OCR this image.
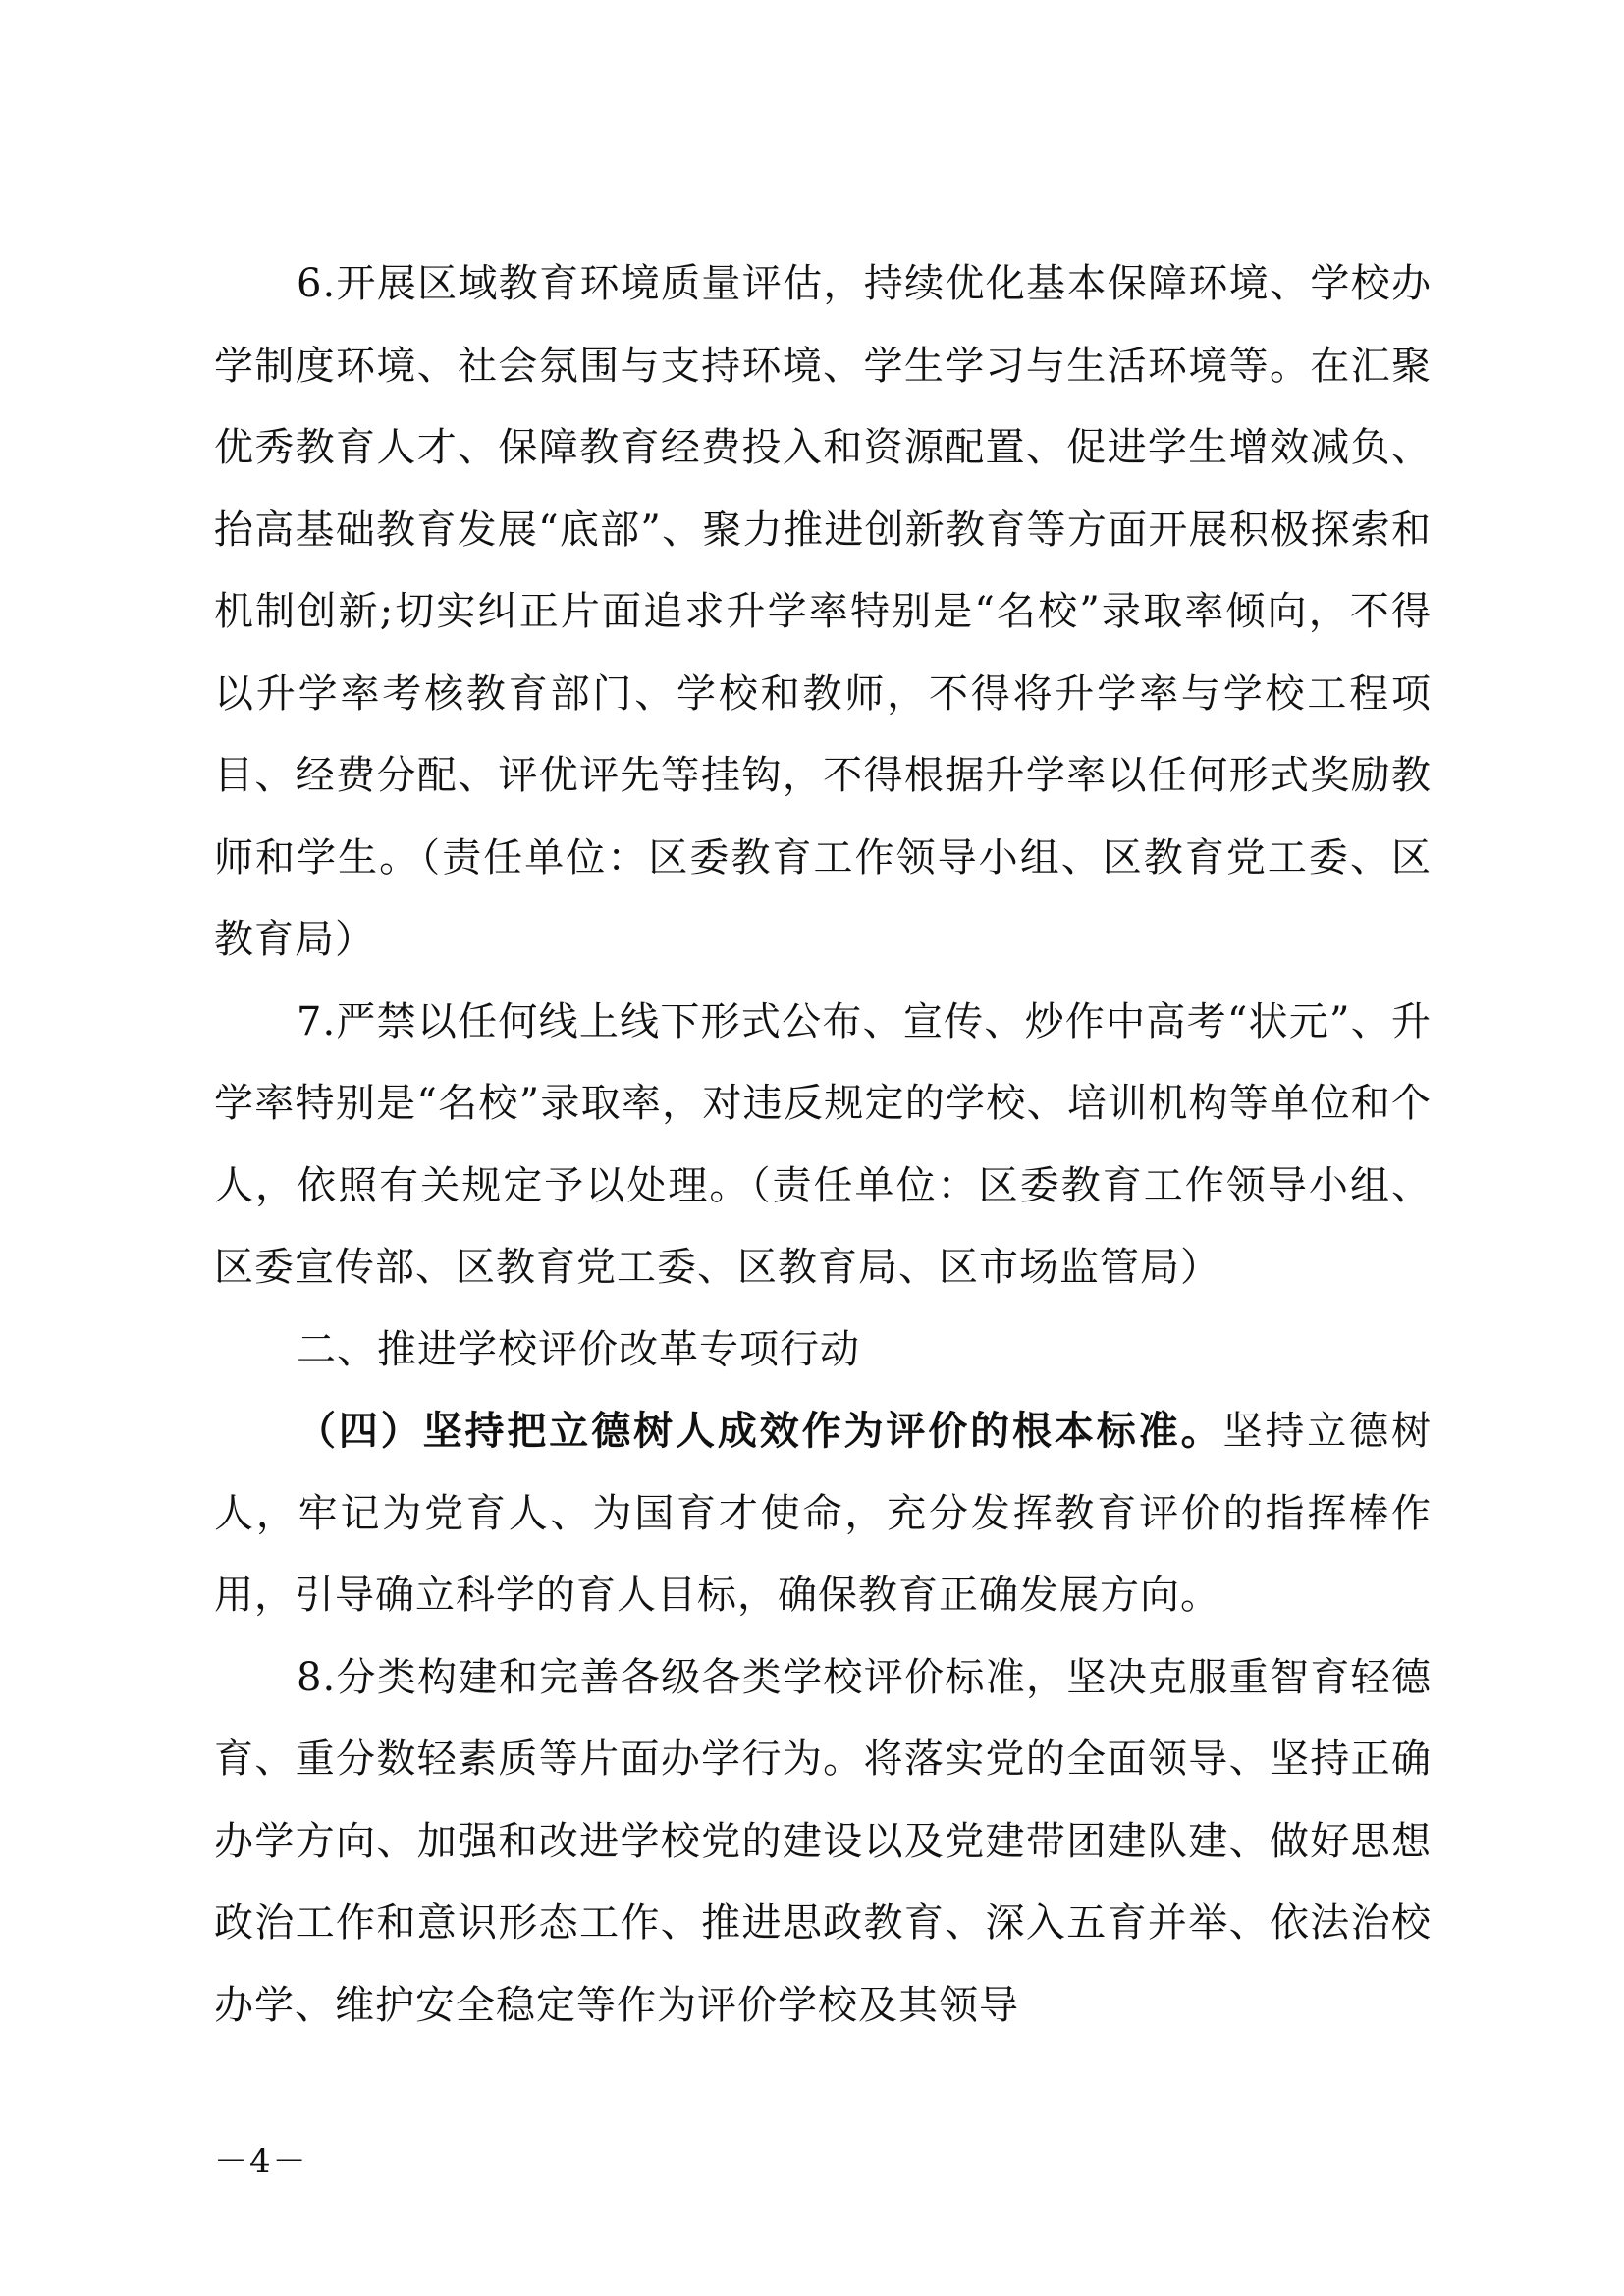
6.开展区域教育环境质量评估，持续优化基本保障环境、学校办学制度环境、社会氛围与支持环境、学生学习与生活环境等。在汇聚优秀教育人才、保障教育经费投入和资源配置、促进学生增效减负、抬高基础教育发展“底部”、聚力推进创新教育等方面开展积极探索和机制创新;切实纠正片面追求升学率特别是“名校”录取率倾向，不得以升学率考核教育部门、学校和教师，不得将升学率与学校工程项目、经费分配、评优评先等挂钩，不得根据升学率以任何形式奖励教师和学生。（责任单位：区委教育工作领导小组、区教育党工委、区教育局）

7.严禁以任何线上线下形式公布、宣传、炒作中高考“状元”、升学率特别是“名校”录取率，对违反规定的学校、培训机构等单位和个人，依照有关规定予以处理。（责任单位：区委教育工作领导小组、区委宣传部、区教育党工委、区教育局、区市场监管局）

二、推进学校评价改革专项行动

（四）坚持把立德树人成效作为评价的根本标准。坚持立德树人，牢记为党育人、为国育才使命，充分发挥教育评价的指挥棒作用，引导确立科学的育人目标，确保教育正确发展方向。

8.分类构建和完善各级各类学校评价标准，坚决克服重智育轻德育、重分数轻素质等片面办学行为。将落实党的全面领导、坚持正确办学方向、加强和改进学校党的建设以及党建带团建队建、做好思想政治工作和意识形态工作、推进思政教育、深入五育并举、依法治校办学、维护安全稳定等作为评价学校及其领导

－4－
